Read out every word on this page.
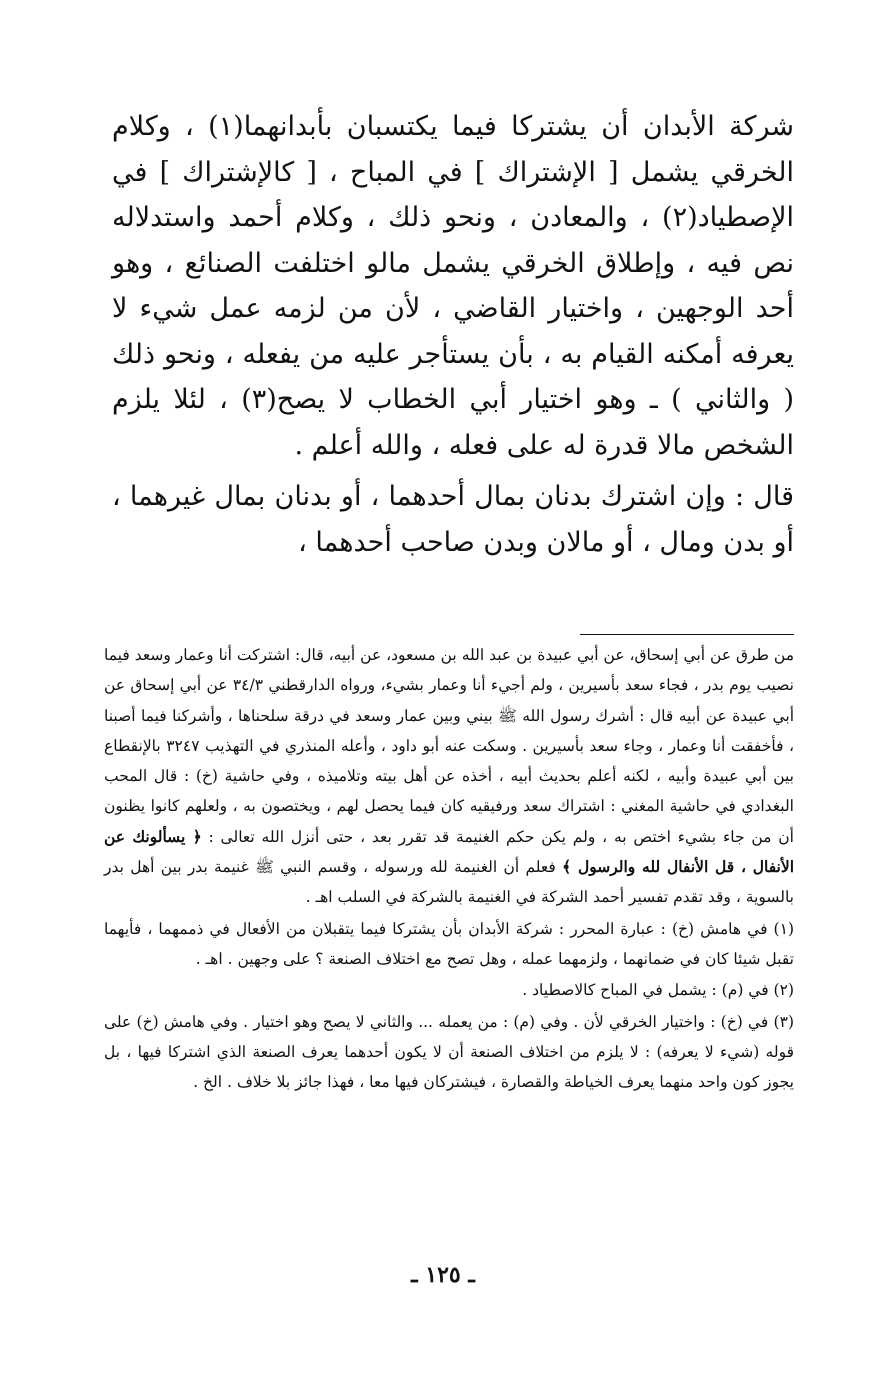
شركة الأبدان أن يشتركا فيما يكتسبان بأبدانهما(١) ، وكلام الخرقي يشمل [ الإشتراك ] في المباح ، [ كالإشتراك ] في الإصطياد(٢) ، والمعادن ، ونحو ذلك ، وكلام أحمد واستدلاله نص فيه ، وإطلاق الخرقي يشمل مالو اختلفت الصنائع ، وهو أحد الوجهين ، واختيار القاضي ، لأن من لزمه عمل شيء لا يعرفه أمكنه القيام به ، بأن يستأجر عليه من يفعله ، ونحو ذلك ( والثاني ) ـ وهو اختيار أبي الخطاب لا يصح(٣) ، لئلا يلزم الشخص مالا قدرة له على فعله ، والله أعلم .

قال : وإن اشترك بدنان بمال أحدهما ، أو بدنان بمال غيرهما ، أو بدن ومال ، أو مالان وبدن صاحب أحدهما ،

من طرق عن أبي إسحاق، عن أبي عبيدة بن عبد الله بن مسعود، عن أبيه، قال: اشتركت أنا وعمار وسعد فيما نصيب يوم بدر ، فجاء سعد بأسيرين ، ولم أجيء أنا وعمار بشيء، ورواه الدارقطني ٣٤/٣ عن أبي إسحاق عن أبي عبيدة عن أبيه قال : أشرك رسول الله ﷺ بيني وبين عمار وسعد في درقة سلحناها ، وأشركنا فيما أصبنا ، فأخفقت أنا وعمار ، وجاء سعد بأسيرين . وسكت عنه أبو داود ، وأعله المنذري في التهذيب ٣٢٤٧ بالإنقطاع بين أبي عبيدة وأبيه ، لكنه أعلم بحديث أبيه ، أخذه عن أهل بيته وتلاميذه ، وفي حاشية (خ) : قال المحب البغدادي في حاشية المغني : اشتراك سعد ورفيقيه كان فيما يحصل لهم ، ويختصون به ، ولعلهم كانوا يظنون أن من جاء بشيء اختص به ، ولم يكن حكم الغنيمة قد تقرر بعد ، حتى أنزل الله تعالى : ﴿ يسألونك عن الأنفال ، قل الأنفال لله والرسول ﴾ فعلم أن الغنيمة لله ورسوله ، وقسم النبي ﷺ غنيمة بدر بين أهل بدر بالسوية ، وقد تقدم تفسير أحمد الشركة في الغنيمة بالشركة في السلب اهـ .

(١) في هامش (خ) : عبارة المحرر : شركة الأبدان بأن يشتركا فيما يتقبلان من الأفعال في ذممهما ، فأيهما تقبل شيئا كان في ضمانهما ، ولزمهما عمله ، وهل تصح مع اختلاف الصنعة ؟ على وجهين . اهـ .

(٢) في (م) : يشمل في المباح كالاصطياد .

(٣) في (خ) : واختيار الخرقي لأن . وفي (م) : من يعمله ... والثاني لا يصح وهو اختيار . وفي هامش (خ) على قوله (شيء لا يعرفه) : لا يلزم من اختلاف الصنعة أن لا يكون أحدهما يعرف الصنعة الذي اشتركا فيها ، بل يجوز كون واحد منهما يعرف الخياطة والقصارة ، فيشتركان فيها معا ، فهذا جائز بلا خلاف . الخ .

ـ ١٢٥ ـ
